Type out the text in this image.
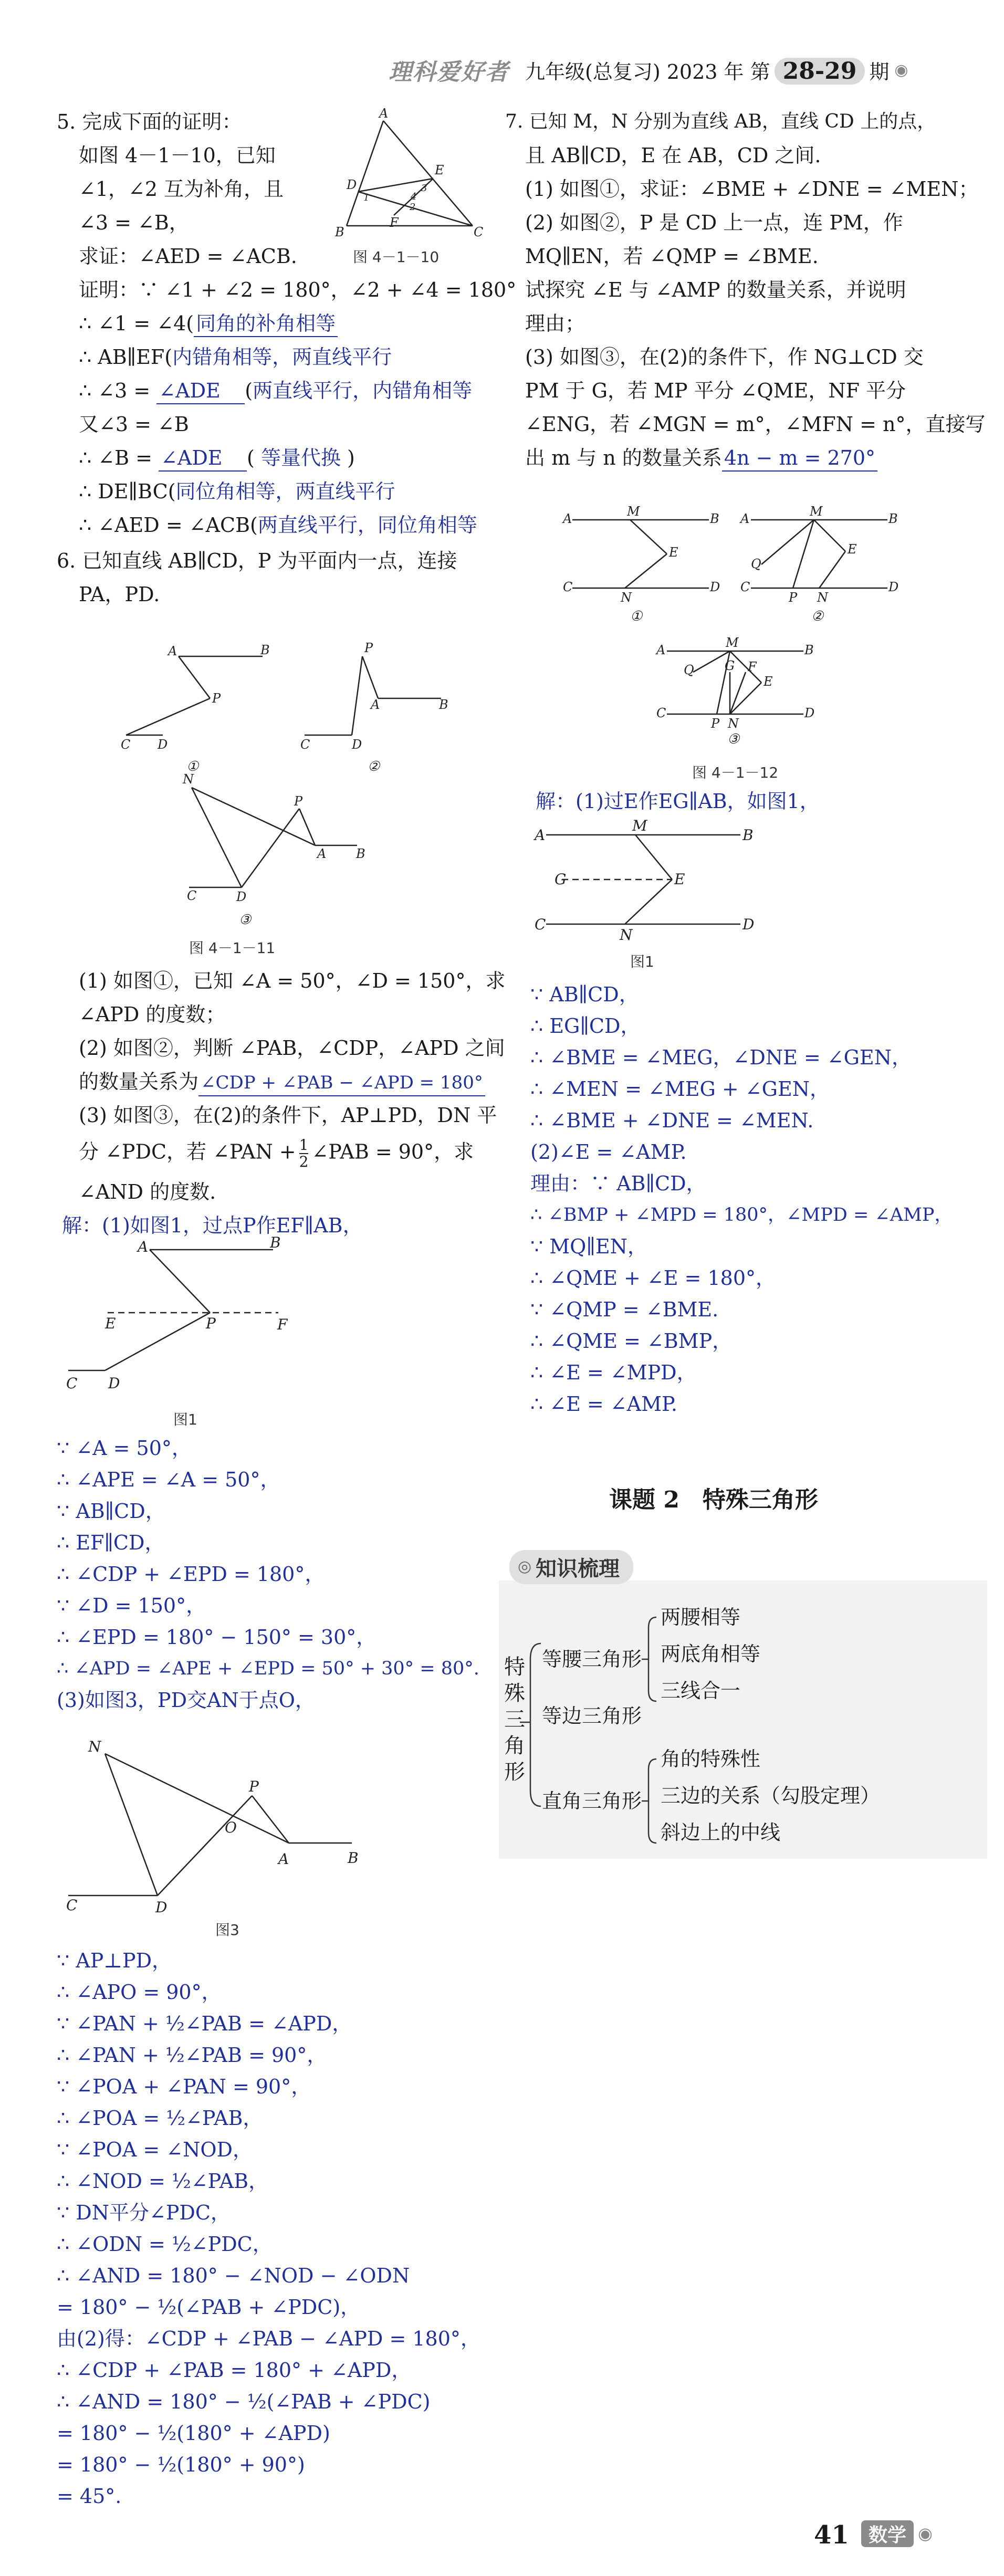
理科爱好者 九年级(总复习) 2023 年 第 28-29 期 ◉
5. 完成下面的证明：
如图 4－1－10，已知
∠1，∠2 互为补角，且
∠3 = ∠B，
求证：∠AED = ∠ACB.
A
D
E
B	C
F
1	4
3
2
图 4－1－10
证明：∵ ∠1 + ∠2 = 180°，∠2 + ∠4 = 180°
∴ ∠1 = ∠4( 同角的补角相等
∴ AB∥EF(内错角相等，两直线平行
∴ ∠3 = ∠ADE (两直线平行，内错角相等
又∠3 = ∠B
∴ ∠B = ∠ADE ( 等量代换 )
∴ DE∥BC(同位角相等，两直线平行
∴ ∠AED = ∠ACB(两直线平行，同位角相等
6. 已知直线 AB∥CD，P 为平面内一点，连接
PA，PD.
A	B
P
C D	C	D
P
A	B
N
P
A B
C	D
①	②
③
图 4－1－11
(1) 如图①，已知 ∠A = 50°，∠D = 150°，求
∠APD 的度数；
(2) 如图②，判断 ∠PAB，∠CDP，∠APD 之间
的数量关系为 ∠CDP + ∠PAB − ∠APD = 180°
(3) 如图③，在(2)的条件下，AP⊥PD，DN 平
分 ∠PDC，若 ∠PAN + $\frac{1}{2}$ ∠PAB = 90°，求
∠AND 的度数.
解：(1)如图1，过点P作EF∥AB，
A	B
E	P	F
C D
图1
∵ ∠A = 50°，
∴ ∠APE = ∠A = 50°，
∵ AB∥CD，
∴ EF∥CD，
∴ ∠CDP + ∠EPD = 180°，
∵ ∠D = 150°，
∴ ∠EPD = 180° − 150° = 30°，
∴ ∠APD = ∠APE + ∠EPD = 50° + 30° = 80°.
(3)如图3，PD交AN于点O，
N
P
O
A	B
C	D
图3
∵ AP⊥PD，
∴ ∠APO = 90°，
∵ ∠PAN + ½∠PAB = ∠APD，
∴ ∠PAN + ½∠PAB = 90°，
∵ ∠POA + ∠PAN = 90°，
∴ ∠POA = ½∠PAB，
∵ ∠POA = ∠NOD，
∴ ∠NOD = ½∠PAB，
∵ DN平分∠PDC，
∴ ∠ODN = ½∠PDC，
∴ ∠AND = 180° − ∠NOD − ∠ODN
= 180° − ½(∠PAB + ∠PDC)，
由(2)得：∠CDP + ∠PAB − ∠APD = 180°，
∴ ∠CDP + ∠PAB = 180° + ∠APD，
∴ ∠AND = 180° − ½(∠PAB + ∠PDC)
= 180° − ½(180° + ∠APD)
= 180° − ½(180° + 90°)
= 45°.
7. 已知 M，N 分别为直线 AB，直线 CD 上的点，
且 AB∥CD，E 在 AB，CD 之间.
(1) 如图①，求证：∠BME + ∠DNE = ∠MEN；
(2) 如图②，P 是 CD 上一点，连 PM，作
MQ∥EN，若 ∠QMP = ∠BME.
试探究 ∠E 与 ∠AMP 的数量关系，并说明
理由；
(3) 如图③，在(2)的条件下，作 NG⊥CD 交
PM 于 G，若 MP 平分 ∠QME，NF 平分
∠ENG，若 ∠MGN = m°，∠MFN = n°，直接写
出 m 与 n 的数量关系 4n − m = 270°
A	M	B
E
C
N
D
A	M	B
Q
E
C
P N
D
A	M	B
Q G F
E
C
P N
D
①	②
③
图 4－1－12
解：(1)过E作EG∥AB，如图1，
A
M
B
G	E
C
N
D
图1
∵ AB∥CD，
∴ EG∥CD，
∴ ∠BME = ∠MEG，∠DNE = ∠GEN，
∴ ∠MEN = ∠MEG + ∠GEN，
∴ ∠BME + ∠DNE = ∠MEN.
(2)∠E = ∠AMP.
理由：∵ AB∥CD，
∴ ∠BMP + ∠MPD = 180°，∠MPD = ∠AMP，
∵ MQ∥EN，
∴ ∠QME + ∠E = 180°，
∵ ∠QMP = ∠BME.
∴ ∠QME = ∠BMP，
∴ ∠E = ∠MPD，
∴ ∠E = ∠AMP.
课题 2　特殊三角形
知识梳理
◎
特
殊
三
角
形
等腰三角形
等边三角形
直角三角形
两腰相等
两底角相等
三线合一
角的特殊性
三边的关系（勾股定理）
斜边上的中线
41	数学 ◉
